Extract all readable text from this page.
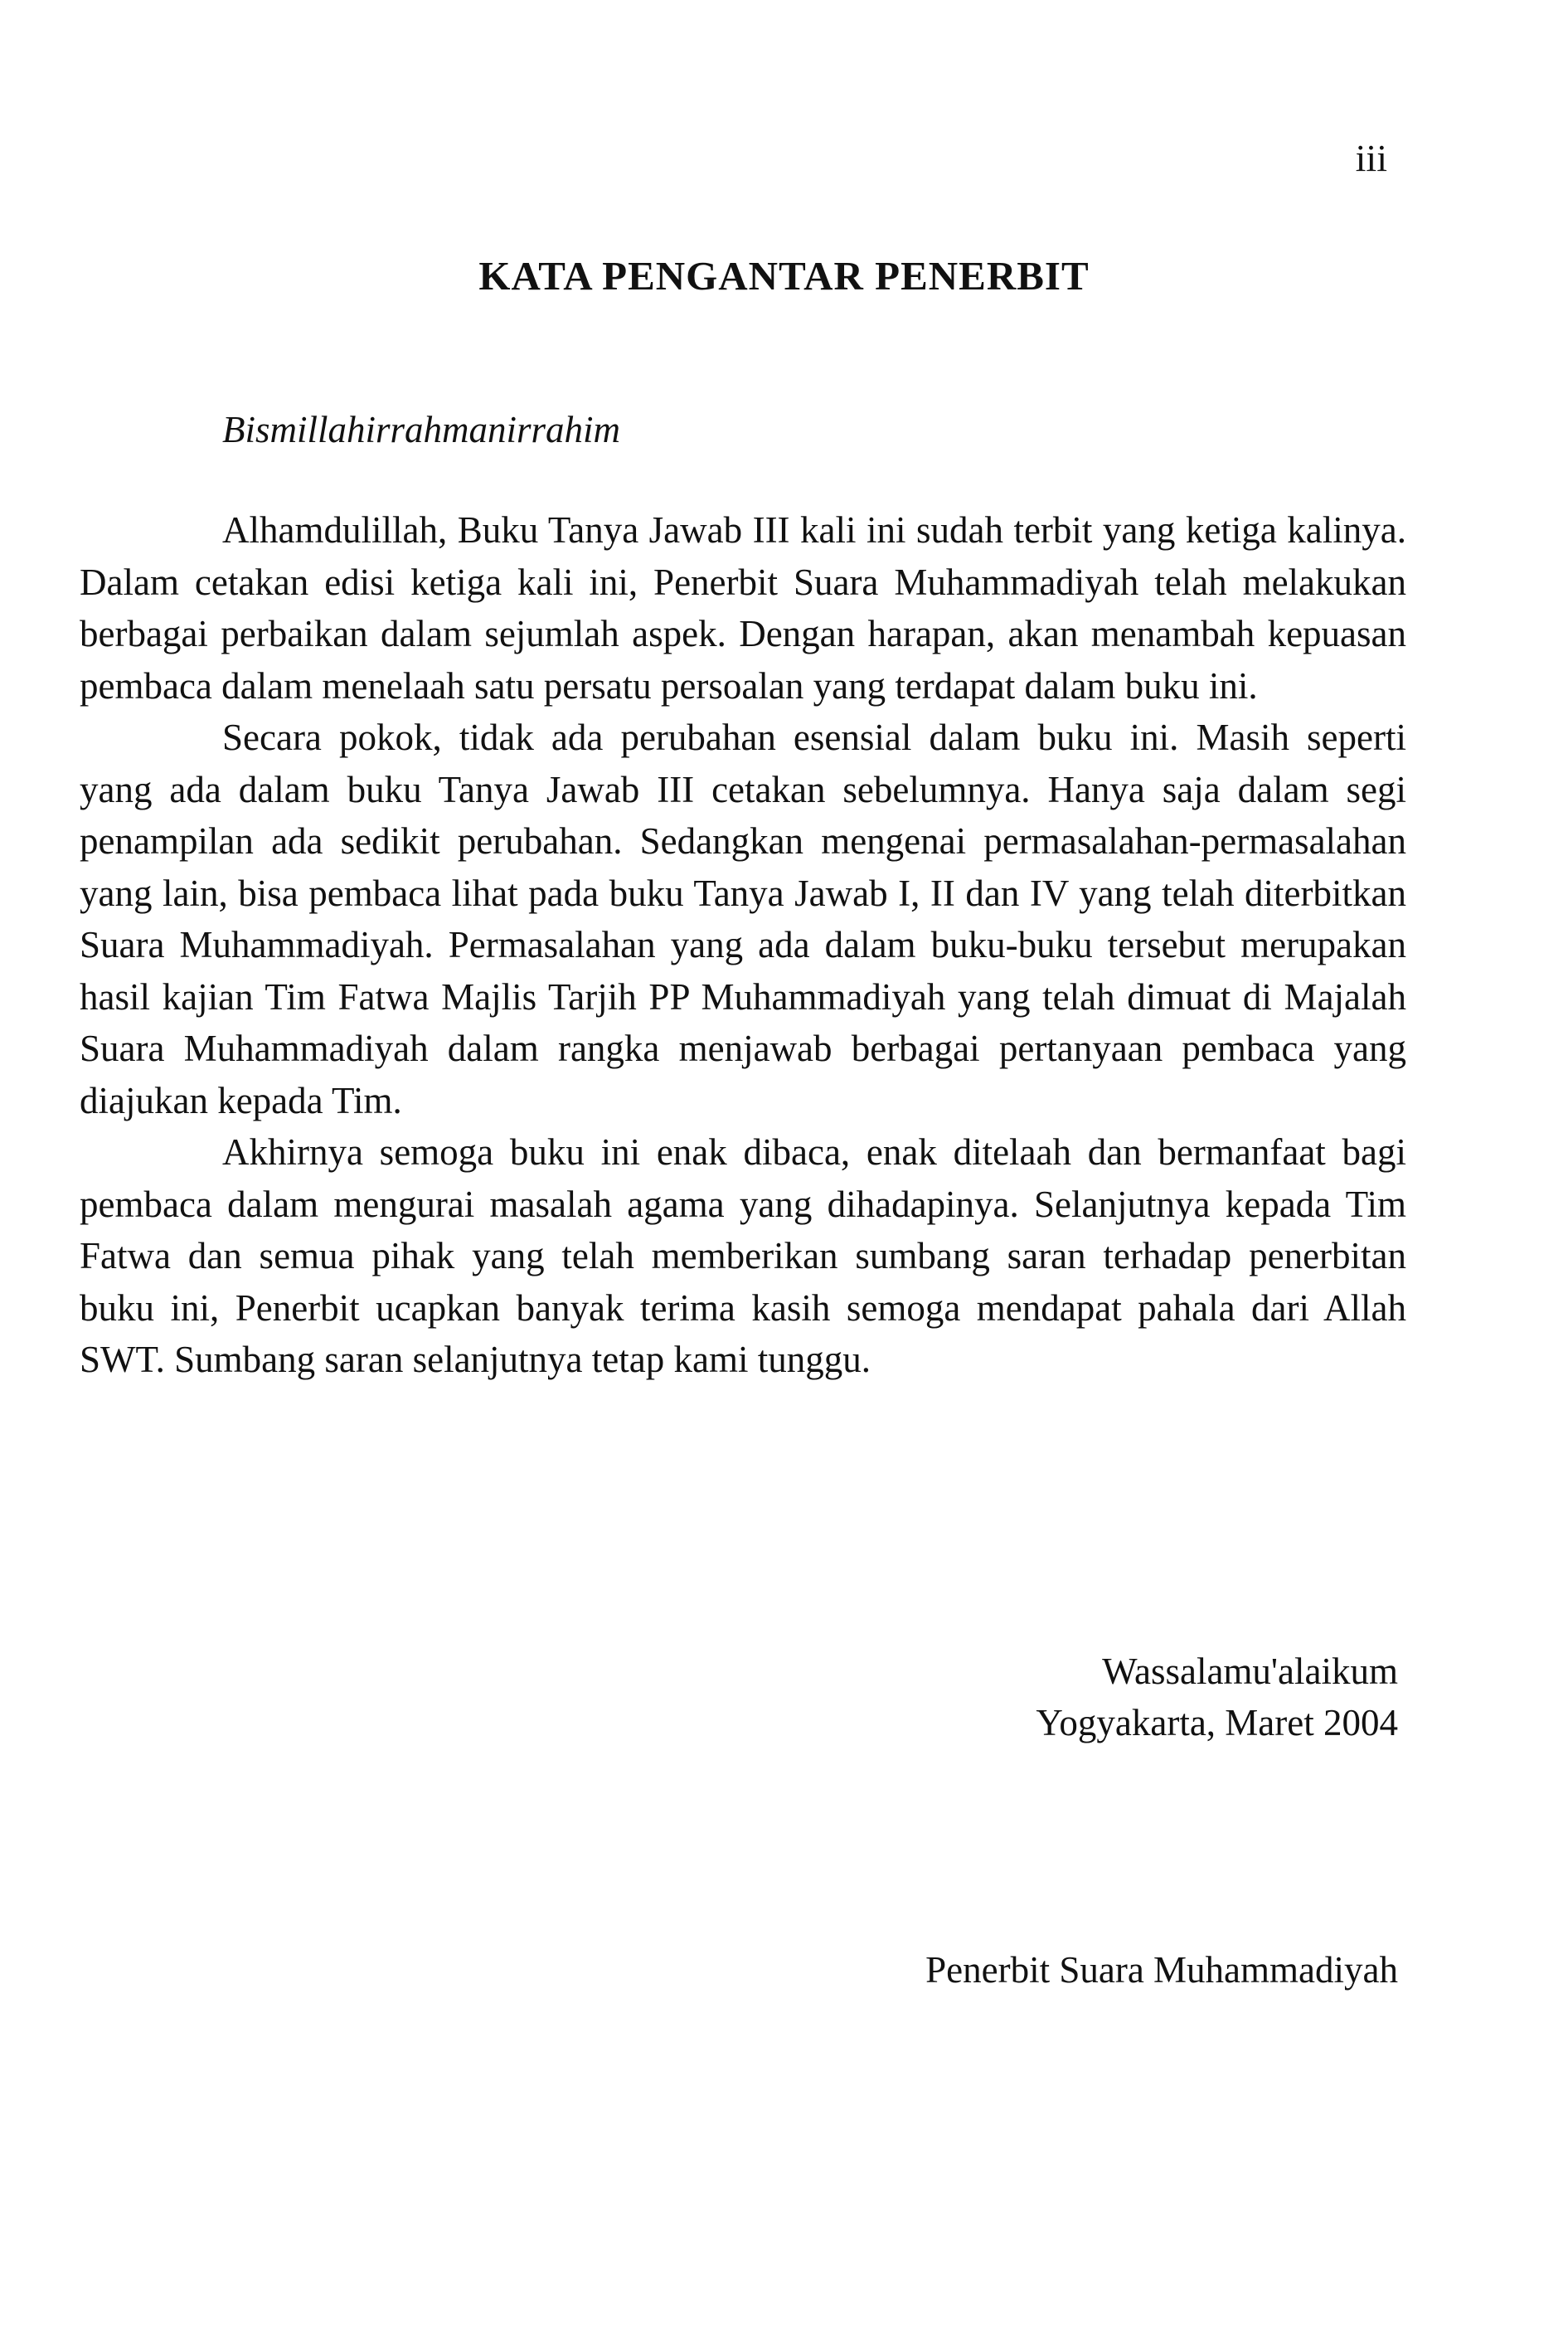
iii
KATA PENGANTAR PENERBIT

Bismillahirrahmanirrahim

Alhamdulillah, Buku Tanya Jawab III kali ini sudah terbit yang ketiga kalinya. Dalam cetakan edisi ketiga kali ini, Penerbit Suara Muhammadiyah telah melakukan berbagai perbaikan dalam sejumlah aspek. Dengan harapan, akan menambah kepuasan pembaca dalam menelaah satu persatu persoalan yang terdapat dalam buku ini.

Secara pokok, tidak ada perubahan esensial dalam buku ini. Masih seperti yang ada dalam buku Tanya Jawab III cetakan sebelumnya. Hanya saja dalam segi penampilan ada sedikit perubahan. Sedangkan mengenai permasalahan-permasalahan yang lain, bisa pembaca lihat pada buku Tanya Jawab I, II dan IV yang telah diterbitkan Suara Muhammadiyah. Permasalahan yang ada dalam buku-buku tersebut merupakan hasil kajian Tim Fatwa Majlis Tarjih PP Muhammadiyah yang telah dimuat di Majalah Suara Muhammadiyah dalam rangka menjawab berbagai pertanyaan pembaca yang diajukan kepada Tim.

Akhirnya semoga buku ini enak dibaca, enak ditelaah dan bermanfaat bagi pembaca dalam mengurai masalah agama yang dihadapinya. Selanjutnya kepada Tim Fatwa dan semua pihak yang telah memberikan sumbang saran terhadap penerbitan buku ini, Penerbit ucapkan banyak terima kasih semoga mendapat pahala dari Allah SWT. Sumbang saran selanjutnya tetap kami tunggu.

Wassalamu'alaikum

Yogyakarta, Maret 2004

Penerbit Suara Muhammadiyah
